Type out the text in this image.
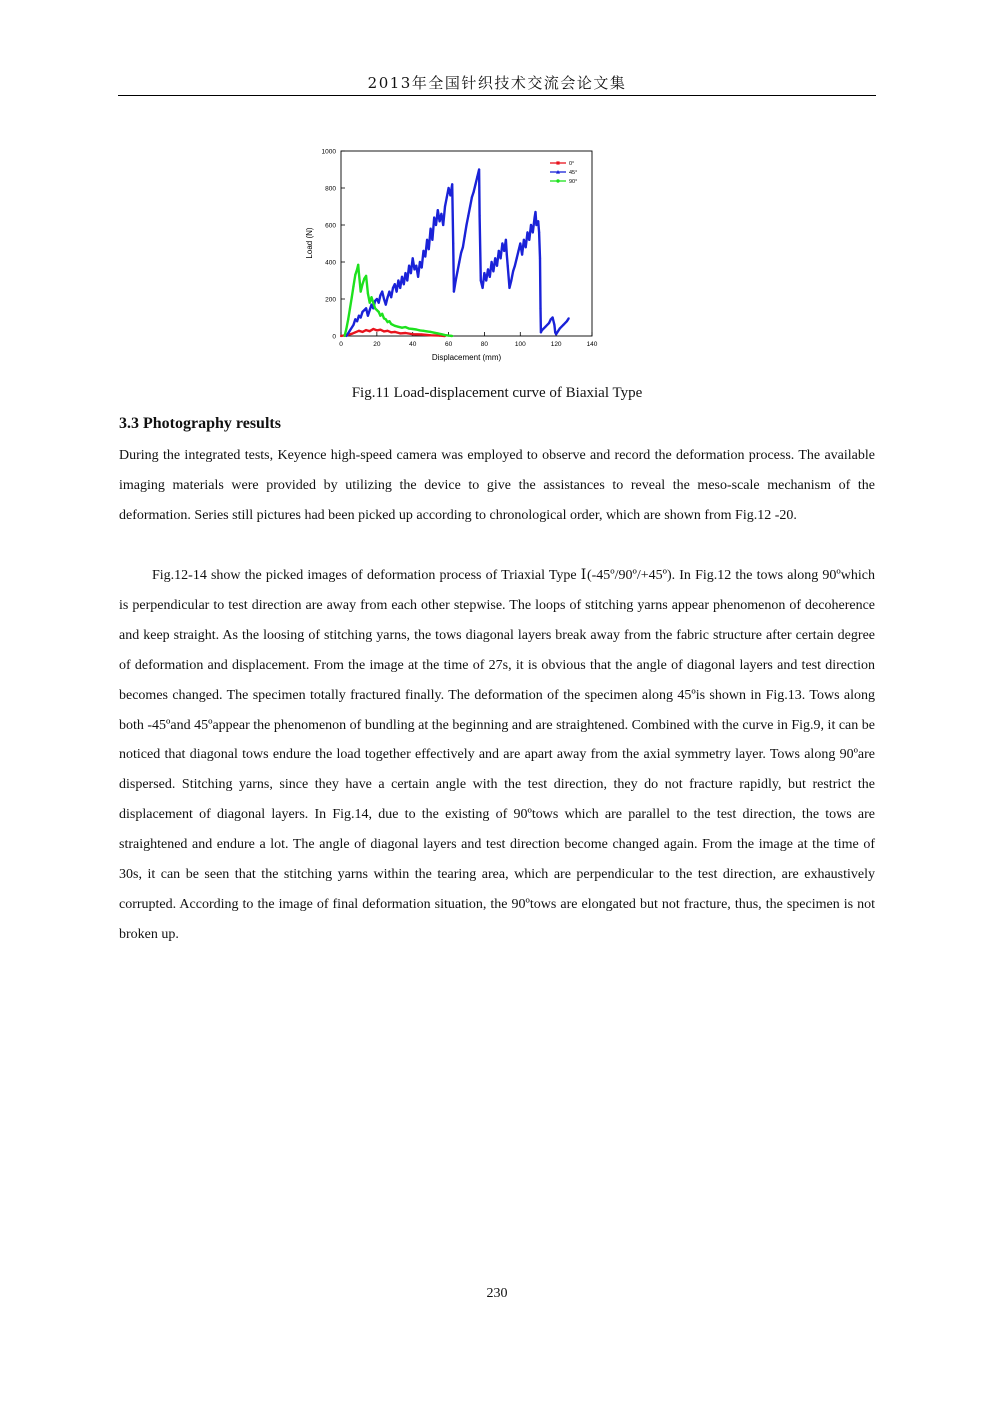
2013年全国针织技术交流会论文集
0
200
400
600
800
1000
0	20	40	60	80	100	120	140
0°
45°
90°
Displacement (mm)
Load (N)
Fig.11 Load-displacement curve of Biaxial Type
3.3 Photography results

During the integrated tests, Keyence high-speed camera was employed to observe and record the deformation process. The available imaging materials were provided by utilizing the device to give the assistances to reveal the meso-scale mechanism of the deformation. Series still pictures had been picked up according to chronological order, which are shown from Fig.12 -20.

Fig.12-14 show the picked images of deformation process of Triaxial Type Ⅰ(-45º/90º/+45º). In Fig.12 the tows along 90ºwhich is perpendicular to test direction are away from each other stepwise. The loops of stitching yarns appear phenomenon of decoherence and keep straight. As the loosing of stitching yarns, the tows diagonal layers break away from the fabric structure after certain degree of deformation and displacement. From the image at the time of 27s, it is obvious that the angle of diagonal layers and test direction becomes changed. The specimen totally fractured finally. The deformation of the specimen along 45ºis shown in Fig.13. Tows along both -45ºand 45ºappear the phenomenon of bundling at the beginning and are straightened. Combined with the curve in Fig.9, it can be noticed that diagonal tows endure the load together effectively and are apart away from the axial symmetry layer. Tows along 90ºare dispersed. Stitching yarns, since they have a certain angle with the test direction, they do not fracture rapidly, but restrict the displacement of diagonal layers. In Fig.14, due to the existing of 90ºtows which are parallel to the test direction, the tows are straightened and endure a lot. The angle of diagonal layers and test direction become changed again. From the image at the time of 30s, it can be seen that the stitching yarns within the tearing area, which are perpendicular to the test direction, are exhaustively corrupted. According to the image of final deformation situation, the 90ºtows are elongated but not fracture, thus, the specimen is not broken up.

230
